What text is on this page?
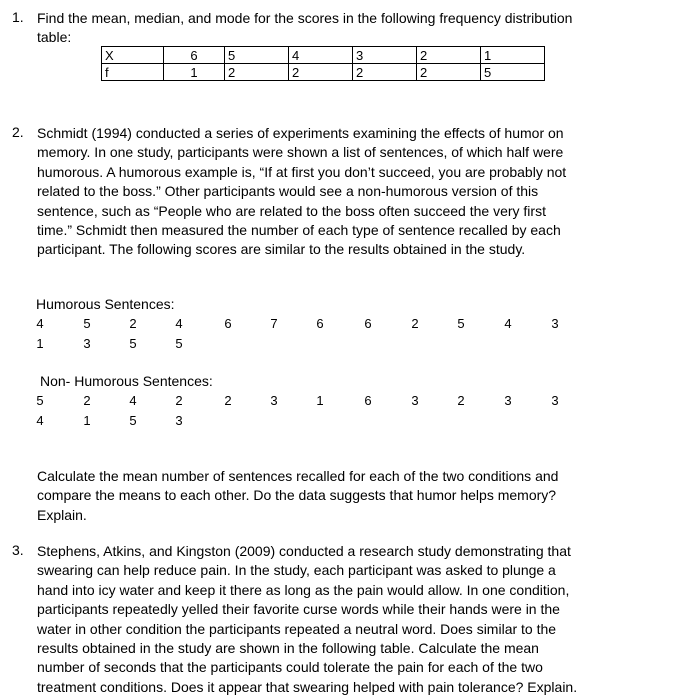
1. Find the mean, median, and mode for the scores in the following frequency distribution
table:
X	6	5	4	3	2	1
f	1	2	2	2	2	5
2. Schmidt (1994) conducted a series of experiments examining the effects of humor on
memory. In one study, participants were shown a list of sentences, of which half were
humorous. A humorous example is, “If at first you don’t succeed, you are probably not
related to the boss.” Other participants would see a non-humorous version of this
sentence, such as “People who are related to the boss often succeed the very first
time.” Schmidt then measured the number of each type of sentence recalled by each
participant. The following scores are similar to the results obtained in the study.
Humorous Sentences:
4	5	2	4	6	7	6	6	2	5	4	3
1	3	5	5
Non- Humorous Sentences:
5	2	4	2	2	3	1	6	3	2	3	3
4	1	5	3
Calculate the mean number of sentences recalled for each of the two conditions and
compare the means to each other. Do the data suggests that humor helps memory?
Explain.
3. Stephens, Atkins, and Kingston (2009) conducted a research study demonstrating that
swearing can help reduce pain. In the study, each participant was asked to plunge a
hand into icy water and keep it there as long as the pain would allow. In one condition,
participants repeatedly yelled their favorite curse words while their hands were in the
water in other condition the participants repeated a neutral word. Does similar to the
results obtained in the study are shown in the following table. Calculate the mean
number of seconds that the participants could tolerate the pain for each of the two
treatment conditions. Does it appear that swearing helped with pain tolerance? Explain.
